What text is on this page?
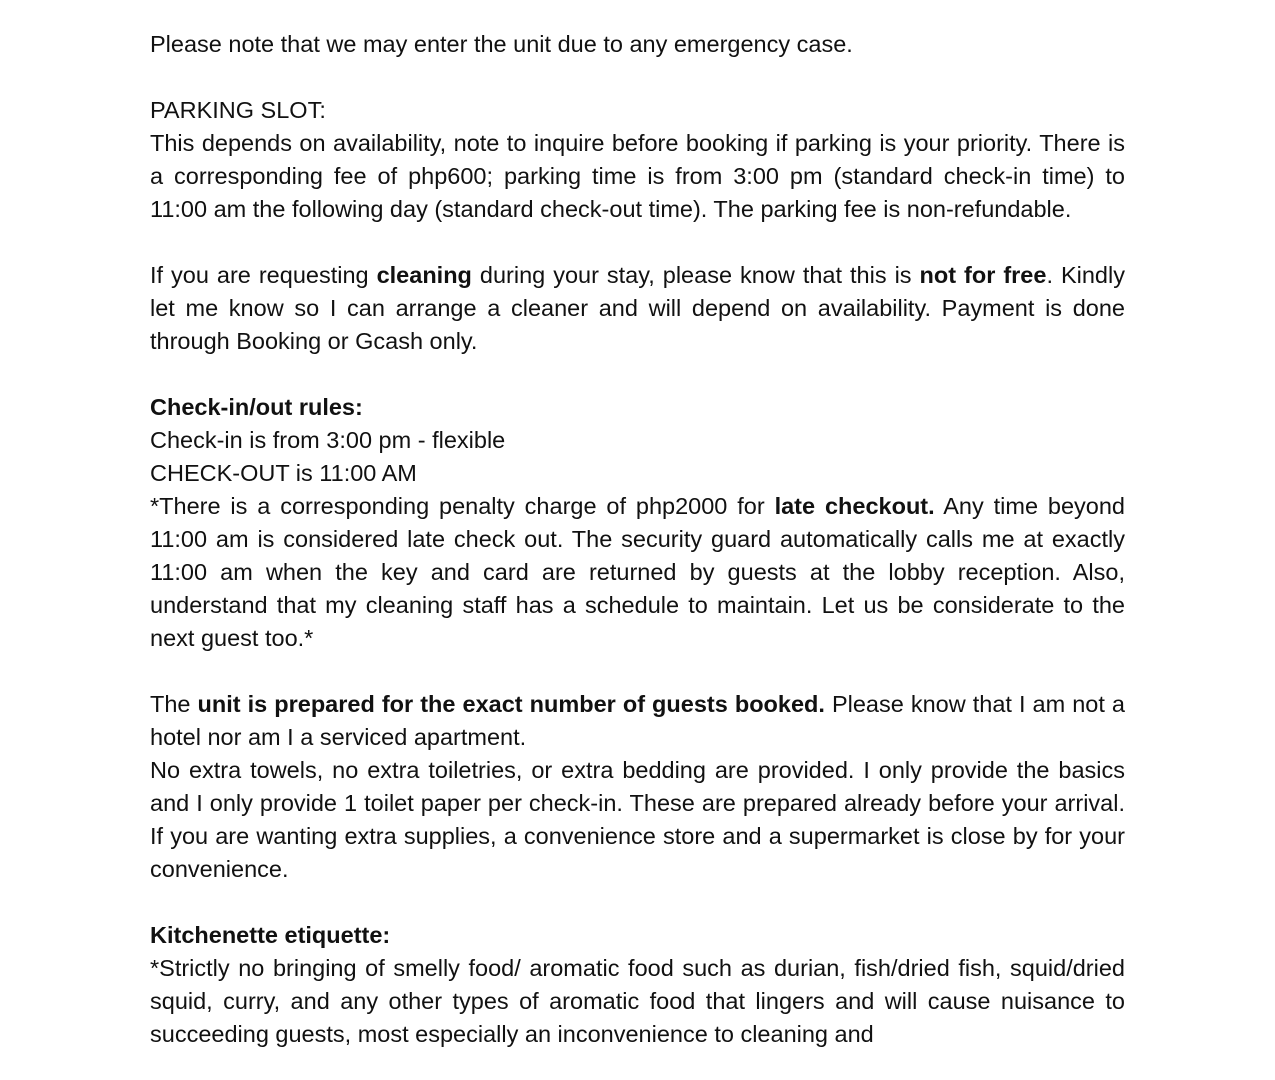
Please note that we may enter the unit due to any emergency case.

PARKING SLOT:

This depends on availability, note to inquire before booking if parking is your priority. There is a corresponding fee of php600; parking time is from 3:00 pm (standard check-in time) to 11:00 am the following day (standard check-out time). The parking fee is non-refundable.

If you are requesting cleaning during your stay, please know that this is not for free. Kindly let me know so I can arrange a cleaner and will depend on availability. Payment is done through Booking or Gcash only.

Check-in/out rules:

Check-in is from 3:00 pm - flexible

CHECK-OUT is 11:00 AM

*There is a corresponding penalty charge of php2000 for late checkout. Any time beyond 11:00 am is considered late check out. The security guard automatically calls me at exactly 11:00 am when the key and card are returned by guests at the lobby reception. Also, understand that my cleaning staff has a schedule to maintain. Let us be considerate to the next guest too.*

The unit is prepared for the exact number of guests booked. Please know that I am not a hotel nor am I a serviced apartment.

No extra towels, no extra toiletries, or extra bedding are provided. I only provide the basics and I only provide 1 toilet paper per check-in. These are prepared already before your arrival. If you are wanting extra supplies, a convenience store and a supermarket is close by for your convenience.

Kitchenette etiquette:

*Strictly no bringing of smelly food/ aromatic food such as durian, fish/dried fish, squid/dried squid, curry, and any other types of aromatic food that lingers and will cause nuisance to succeeding guests, most especially an inconvenience to cleaning and
